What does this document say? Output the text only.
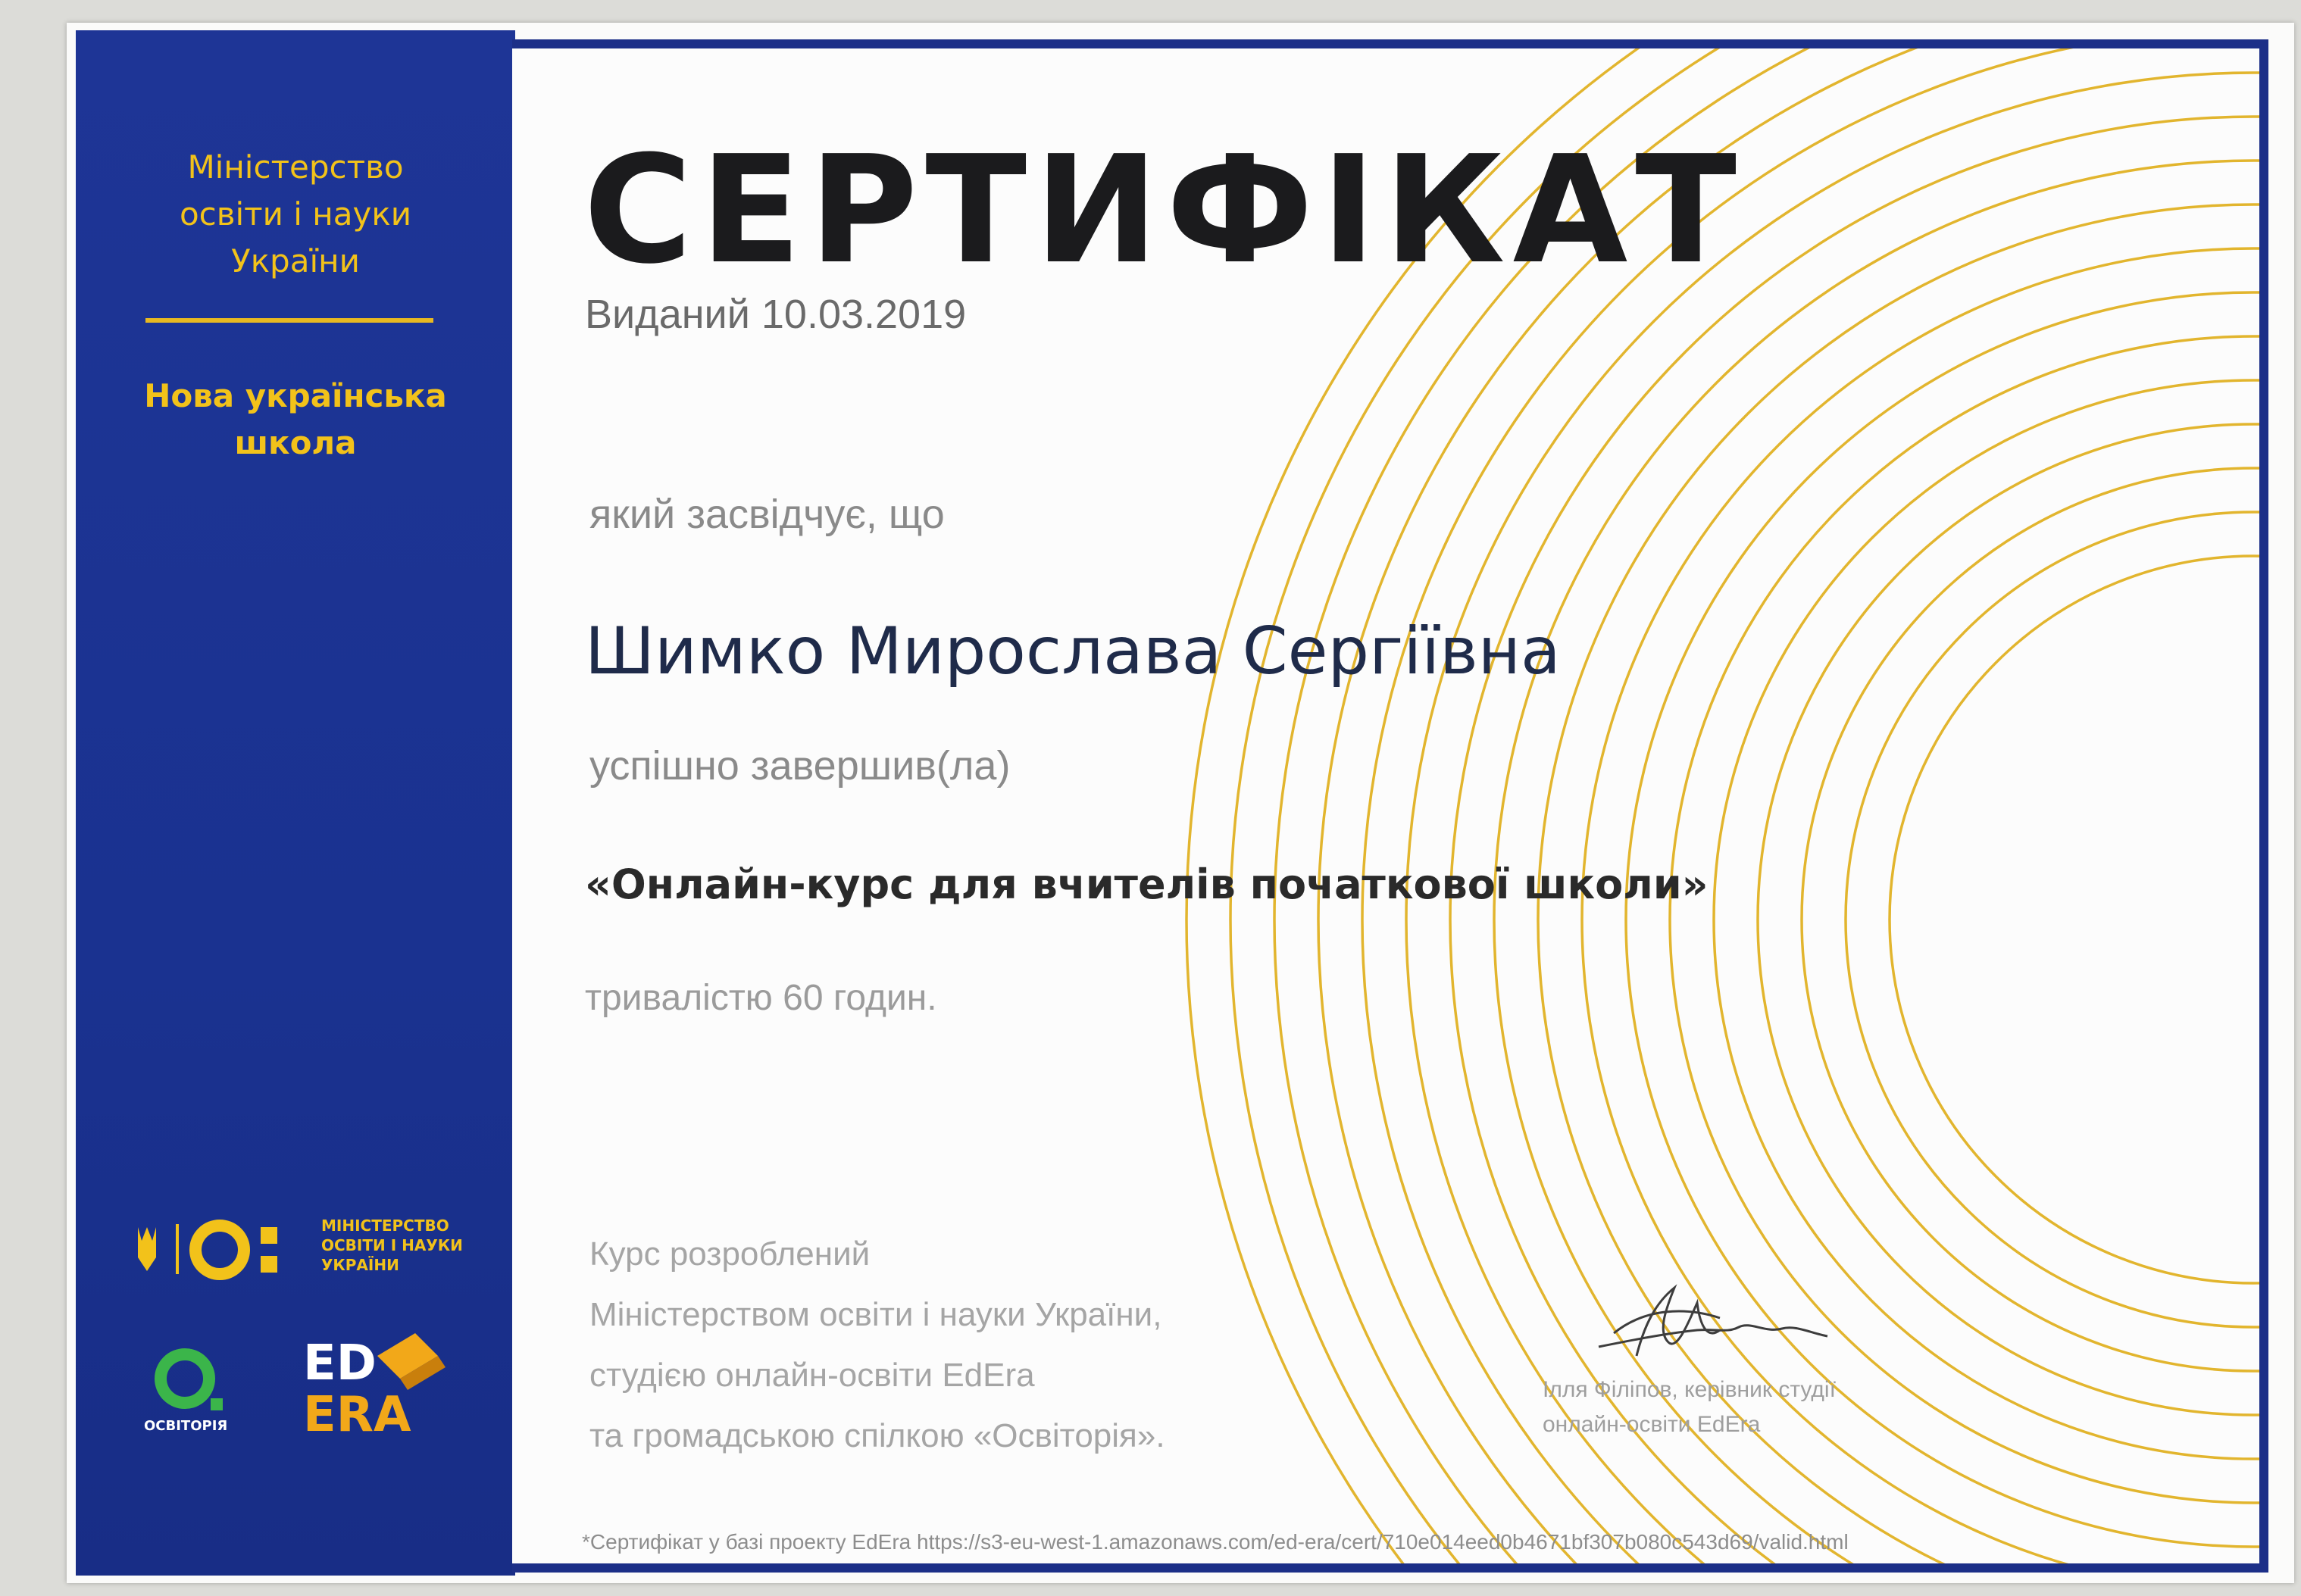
Міністерство
освіти і науки
України
Нова українська
школа
СЕРТИФІКАТ
Виданий 10.03.2019
який засвідчує, що
Шимко Мирослава Сергіївна
успішно завершив(ла)
«Онлайн-курс для вчителів початкової школи»
тривалістю 60 годин.
Курс розроблений
Міністерством освіти і науки України,
студією онлайн-освіти EdEra
та громадською спілкою «Освіторія».
Ілля Філіпов, керівник студії
онлайн-освіти EdEra
*Сертифікат у базі проекту EdEra https://s3-eu-west-1.amazonaws.com/ed-era/cert/710e014eed0b4671bf307b080c543d69/valid.html
МІНІСТЕРСТВО
ОСВІТИ І НАУКИ
УКРАЇНИ
ОСВІТОРІЯ
ED
ERA
